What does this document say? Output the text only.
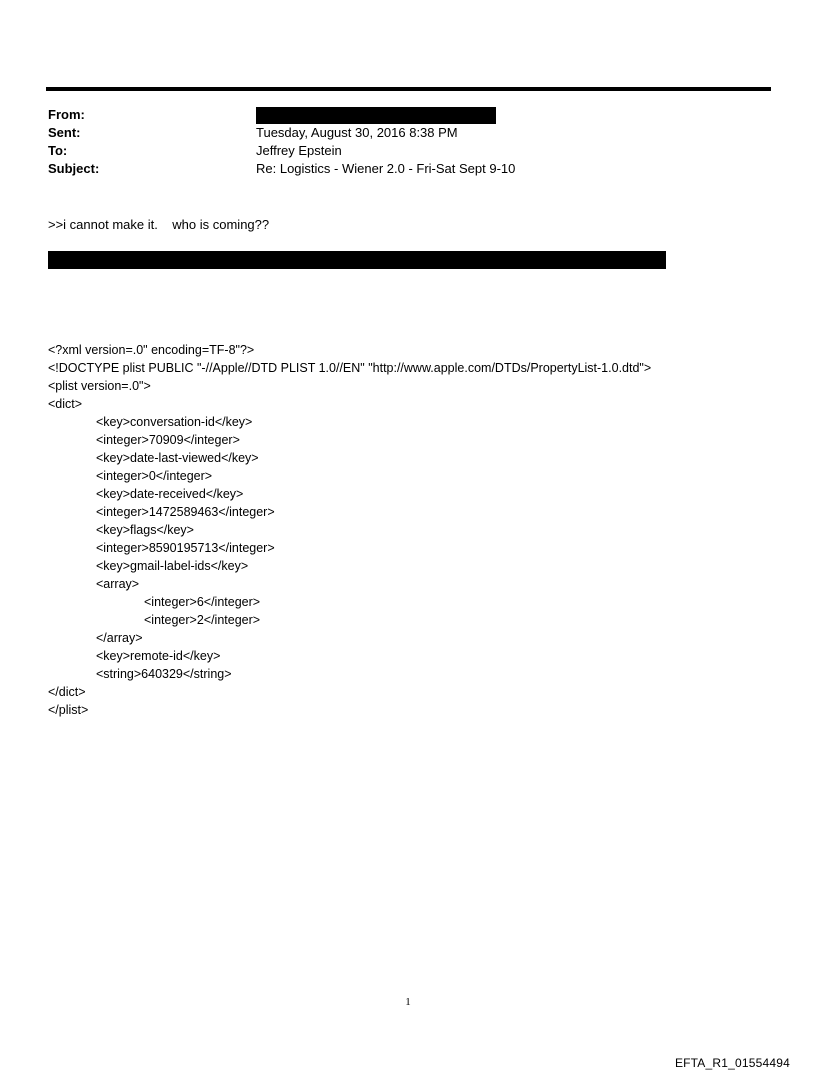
From:
Sent:	Tuesday, August 30, 2016 8:38 PM
To:	Jeffrey Epstein
Subject:	Re: Logistics - Wiener 2.0 - Fri-Sat Sept 9-10
>>i cannot make it.    who is coming??
<?xml version=.0" encoding=TF-8"?>
<!DOCTYPE plist PUBLIC "-//Apple//DTD PLIST 1.0//EN" "http://www.apple.com/DTDs/PropertyList-1.0.dtd">
<plist version=.0">
<dict>
<key>conversation-id</key>
<integer>70909</integer>
<key>date-last-viewed</key>
<integer>0</integer>
<key>date-received</key>
<integer>1472589463</integer>
<key>flags</key>
<integer>8590195713</integer>
<key>gmail-label-ids</key>
<array>
<integer>6</integer>
<integer>2</integer>
</array>
<key>remote-id</key>
<string>640329</string>
</dict>
</plist>
1
EFTA_R1_01554494
